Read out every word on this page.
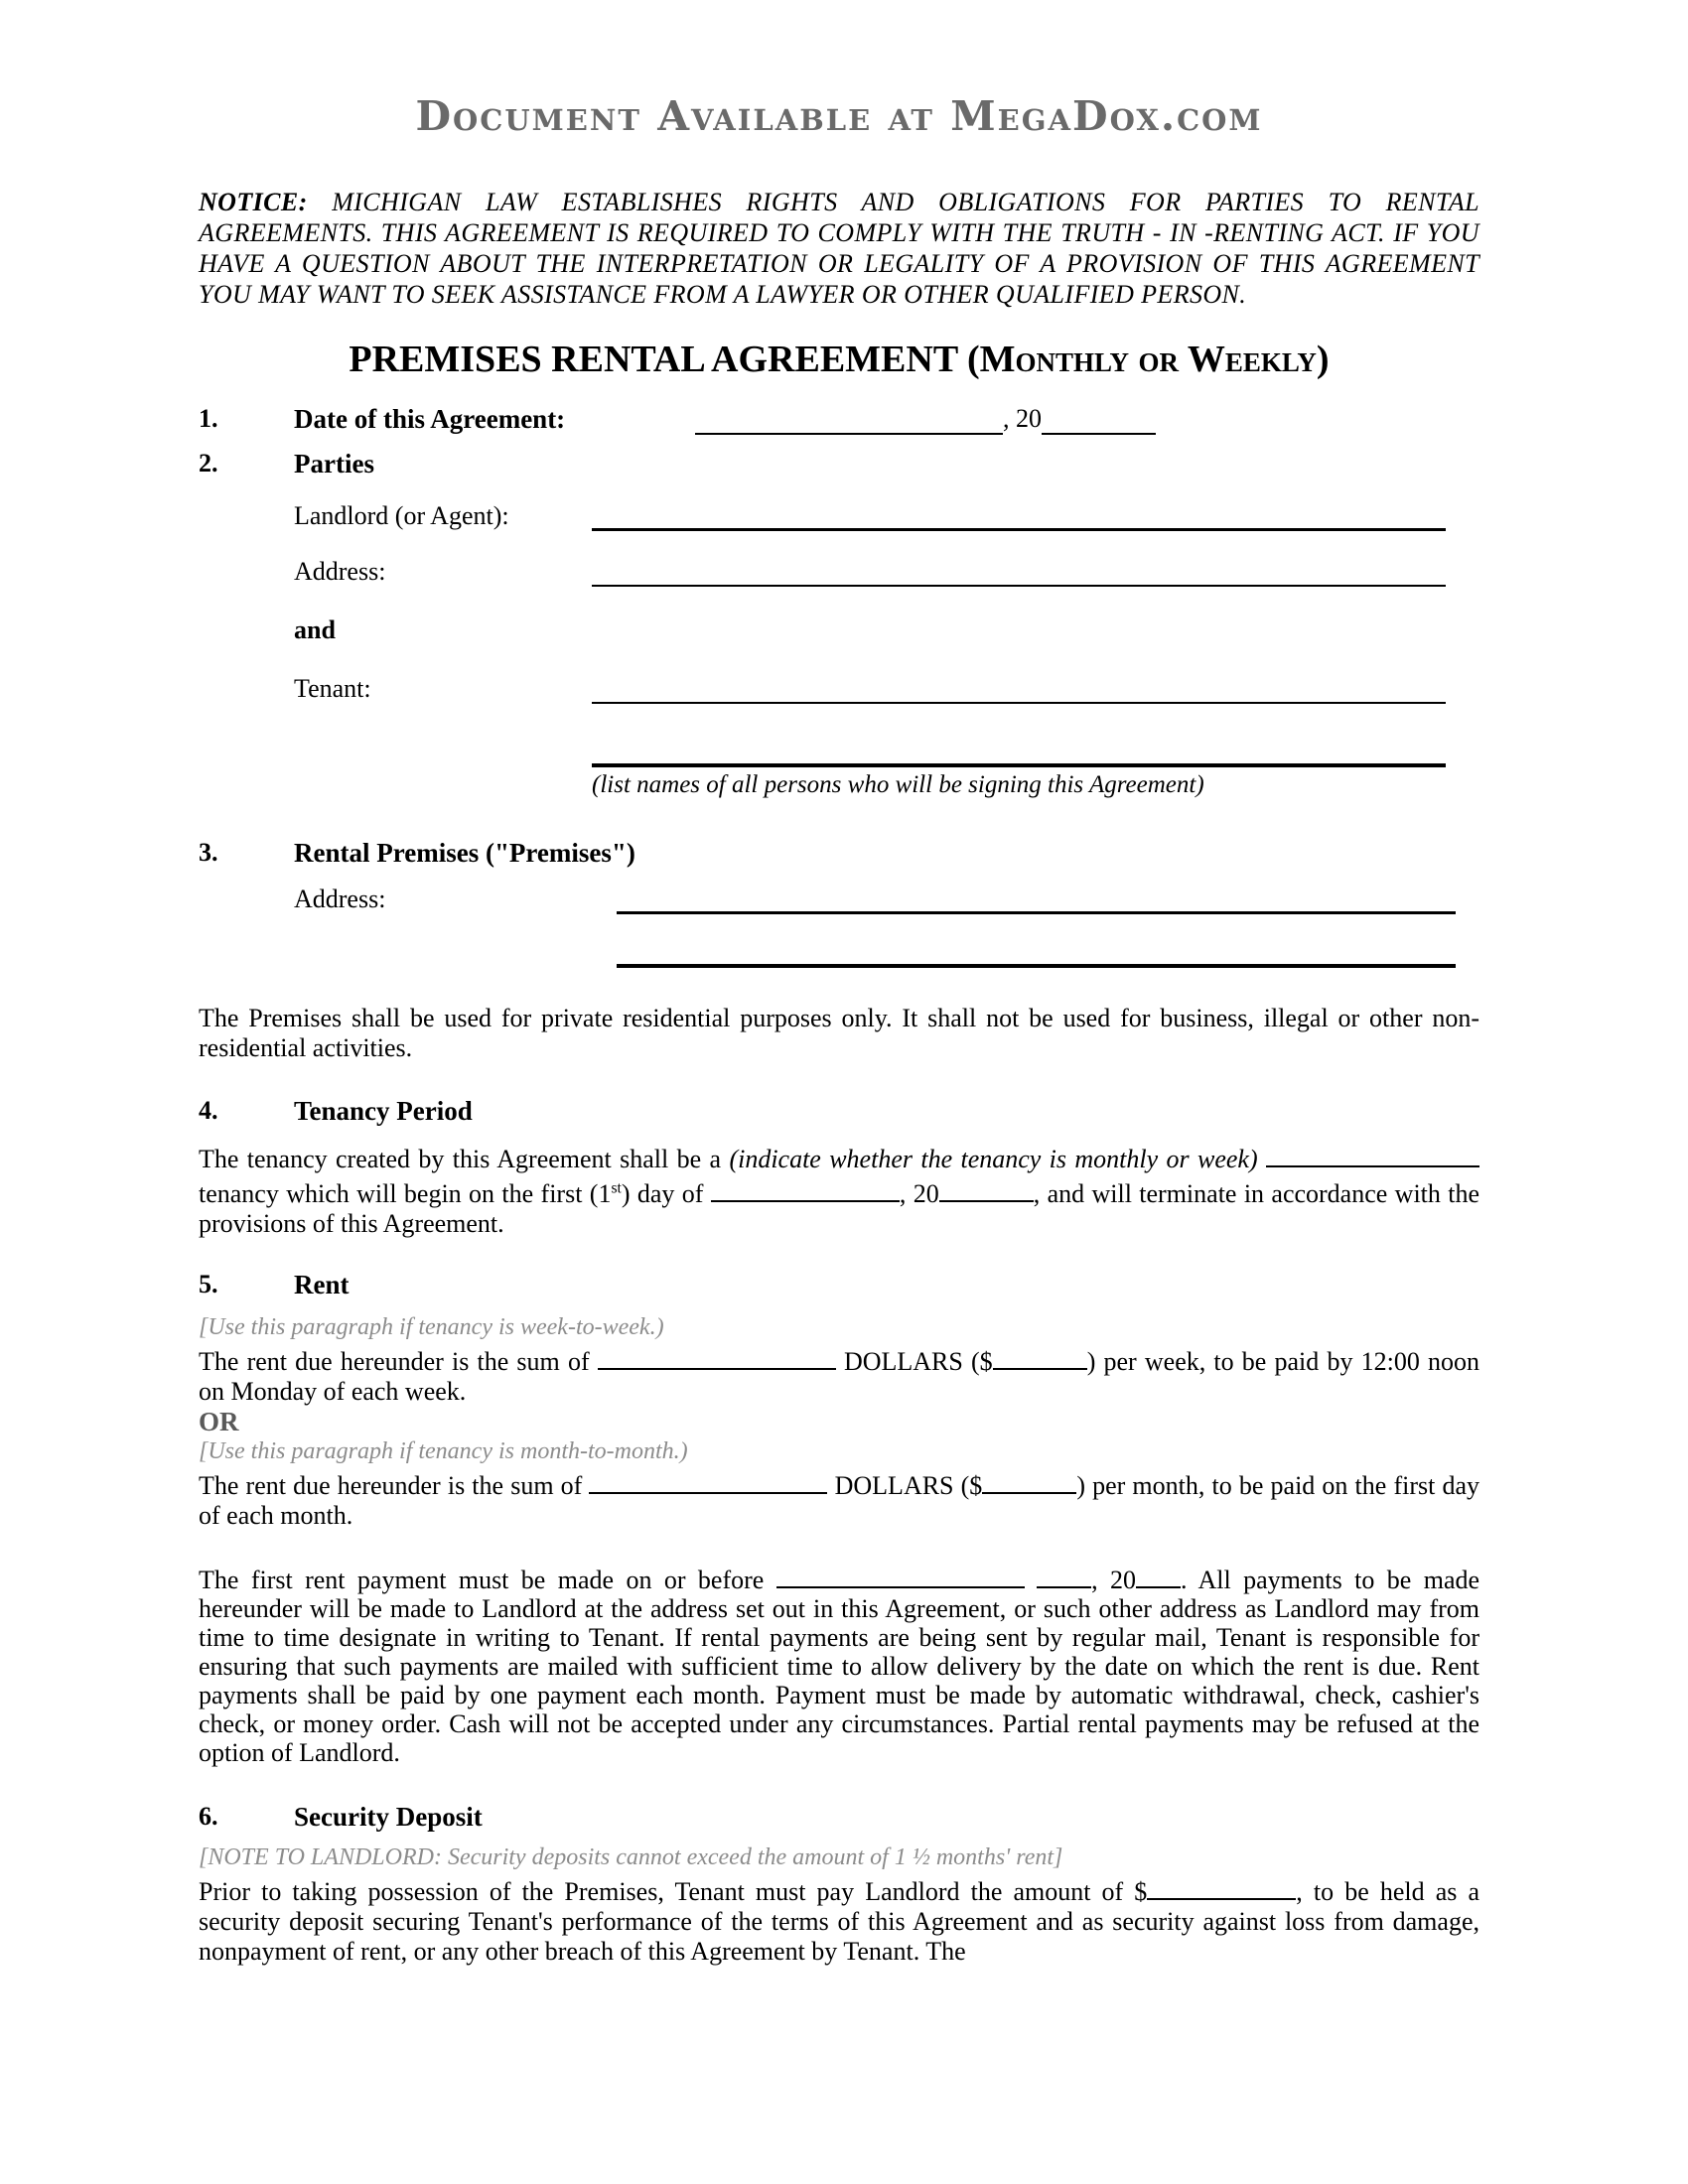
Document Available at MegaDox.com

NOTICE: MICHIGAN LAW ESTABLISHES RIGHTS AND OBLIGATIONS FOR PARTIES TO RENTAL AGREEMENTS. THIS AGREEMENT IS REQUIRED TO COMPLY WITH THE TRUTH - IN -RENTING ACT. IF YOU HAVE A QUESTION ABOUT THE INTERPRETATION OR LEGALITY OF A PROVISION OF THIS AGREEMENT YOU MAY WANT TO SEEK ASSISTANCE FROM A LAWYER OR OTHER QUALIFIED PERSON.

PREMISES RENTAL AGREEMENT (Monthly or Weekly)
1.	Date of this Agreement:	, 20
2.	Parties
Landlord (or Agent):
Address:
and
Tenant:
(list names of all persons who will be signing this Agreement)
3.	Rental Premises ("Premises")
Address:

The Premises shall be used for private residential purposes only. It shall not be used for business, illegal or other non-residential activities.

4.	Tenancy Period

The tenancy created by this Agreement shall be a (indicate whether the tenancy is monthly or week)  tenancy which will begin on the first (1st) day of	, 20	, and will terminate in accordance with the provisions of this Agreement.

5.	Rent
[Use this paragraph if tenancy is week-to-week.)

The rent due hereunder is the sum of	DOLLARS ($	) per week, to be paid by 12:00 noon on Monday of each week.

OR
[Use this paragraph if tenancy is month-to-month.)

The rent due hereunder is the sum of	DOLLARS ($	) per month, to be paid on the first day of each month.

The first rent payment must be made on or before	, 20 . All payments to be made hereunder will be made to Landlord at the address set out in this Agreement, or such other address as Landlord may from time to time designate in writing to Tenant. If rental payments are being sent by regular mail, Tenant is responsible for ensuring that such payments are mailed with sufficient time to allow delivery by the date on which the rent is due. Rent payments shall be paid by one payment each month. Payment must be made by automatic withdrawal, check, cashier's check, or money order. Cash will not be accepted under any circumstances. Partial rental payments may be refused at the option of Landlord.

6.	Security Deposit
[NOTE TO LANDLORD: Security deposits cannot exceed the amount of 1 ½ months' rent]

Prior to taking possession of the Premises, Tenant must pay Landlord the amount of $	, to be held as a security deposit securing Tenant's performance of the terms of this Agreement and as security against loss from damage, nonpayment of rent, or any other breach of this Agreement by Tenant. The
